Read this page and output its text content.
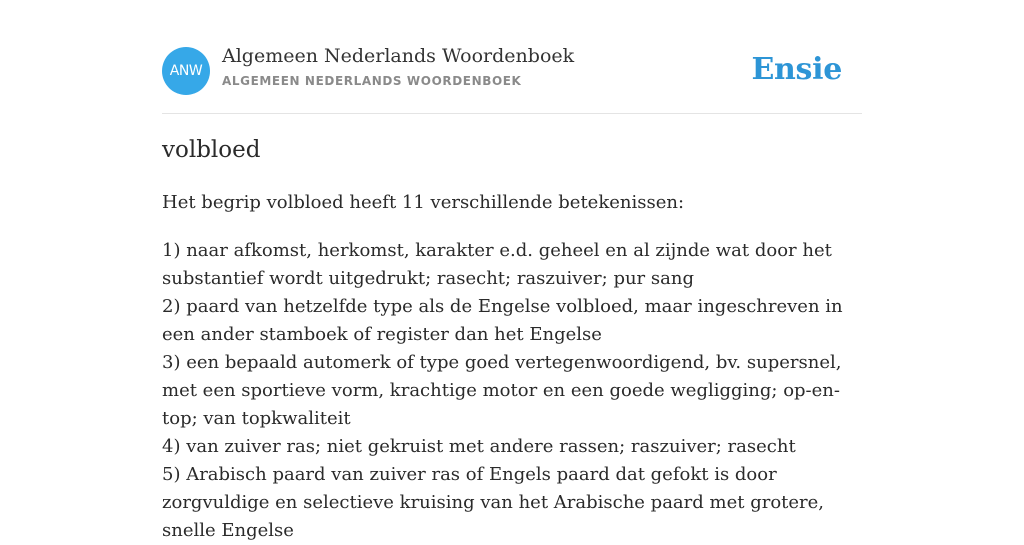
ANW
Algemeen Nederlands Woordenboek
ALGEMEEN NEDERLANDS WOORDENBOEK	Ensie
volbloed
Het begrip volbloed heeft 11 verschillende betekenissen:
1) naar afkomst, herkomst, karakter e.d. geheel en al zijnde wat door het substantief wordt uitgedrukt; rasecht; raszuiver; pur sang
2) paard van hetzelfde type als de Engelse volbloed, maar ingeschreven in een ander stamboek of register dan het Engelse
3) een bepaald automerk of type goed vertegenwoordigend, bv. supersnel, met een sportieve vorm, krachtige motor en een goede wegligging; op-en-top; van topkwaliteit
4) van zuiver ras; niet gekruist met andere rassen; raszuiver; rasecht
5) Arabisch paard van zuiver ras of Engels paard dat gefokt is door zorgvuldige en selectieve kruising van het Arabische paard met grotere, snelle Engelse
